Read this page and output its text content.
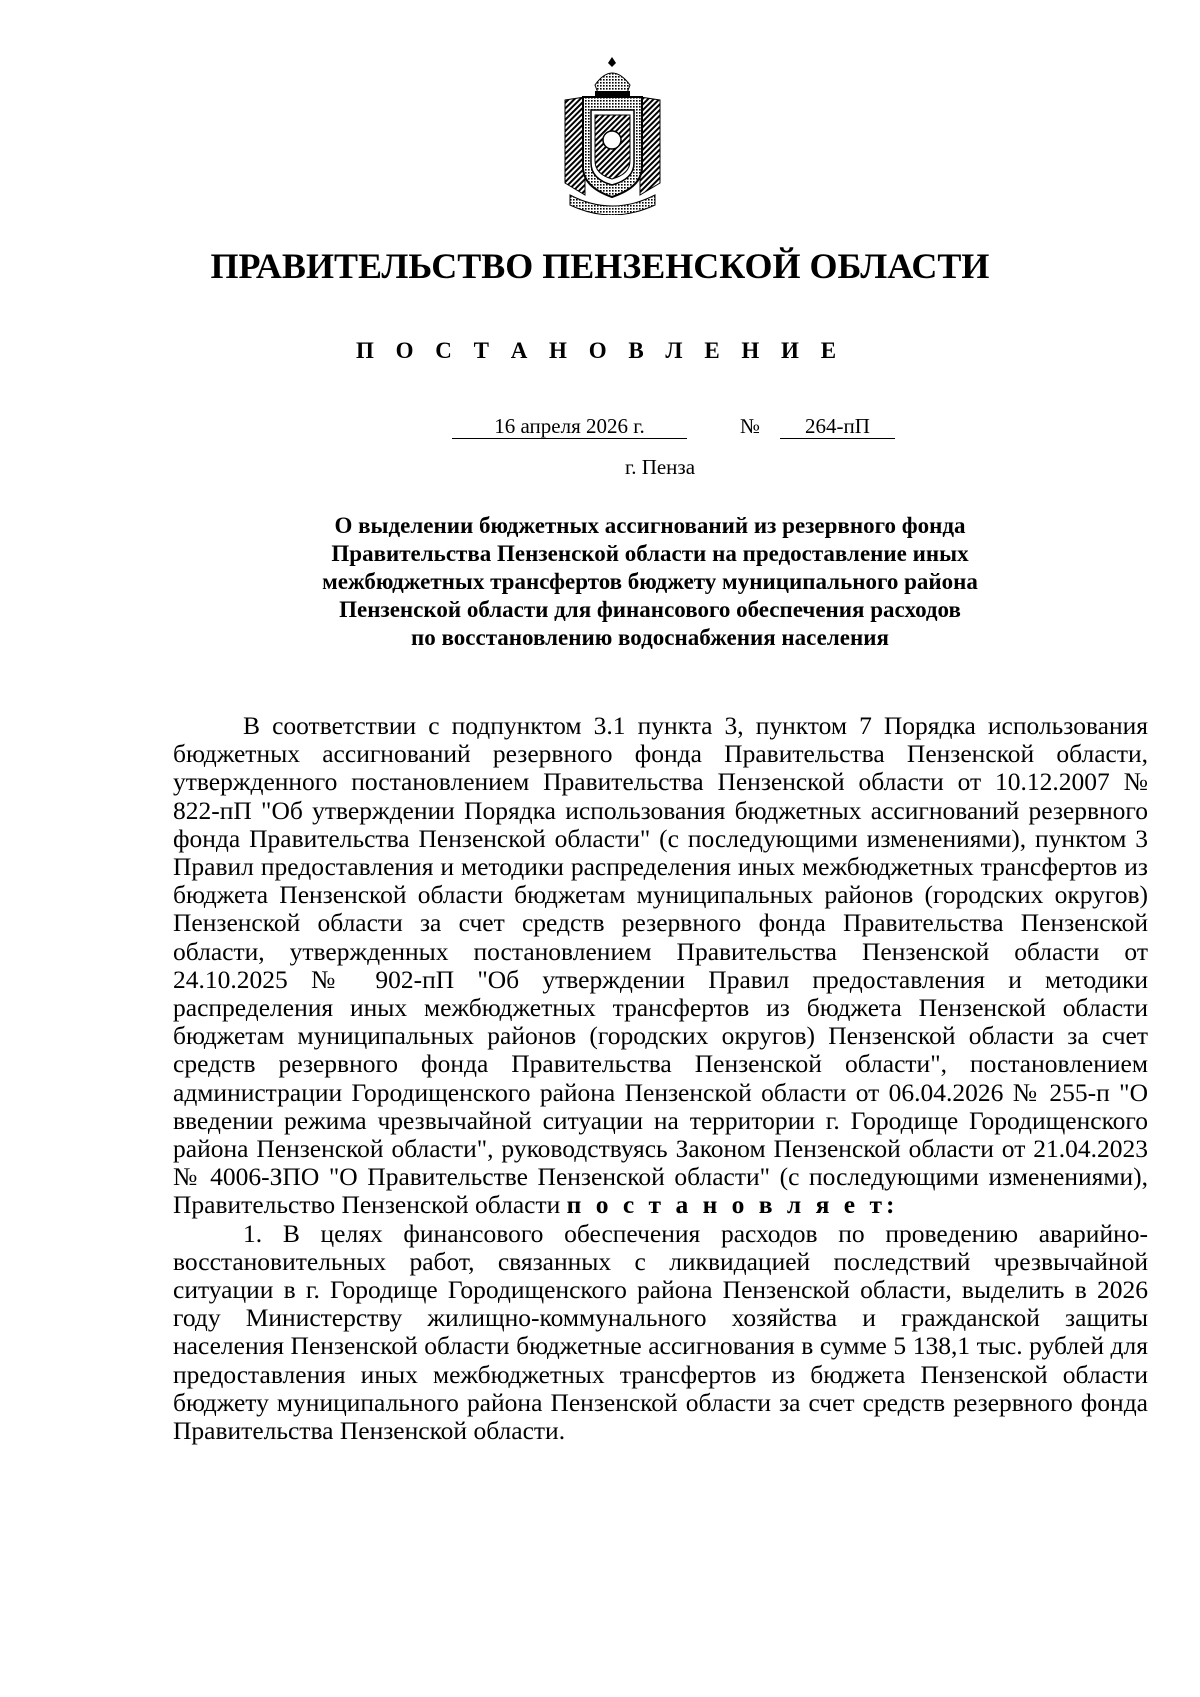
ПРАВИТЕЛЬСТВО ПЕНЗЕНСКОЙ ОБЛАСТИ
П О С Т А Н О В Л Е Н И Е
16 апреля 2026 г.	№	264-пП
г. Пенза
О выделении бюджетных ассигнований из резервного фонда
Правительства Пензенской области на предоставление иных
межбюджетных трансфертов бюджету муниципального района
Пензенской области для финансового обеспечения расходов
по восстановлению водоснабжения населения

В соответствии с подпунктом 3.1 пункта 3, пунктом 7 Порядка использования бюджетных ассигнований резервного фонда Правительства Пензенской области, утвержденного постановлением Правительства Пензенской области от 10.12.2007 № 822-пП "Об утверждении Порядка использования бюджетных ассигнований резервного фонда Правительства Пензенской области" (с последующими изменениями), пунктом 3 Правил предоставления и методики распределения иных межбюджетных трансфертов из бюджета Пензенской области бюджетам муниципальных районов (городских округов) Пензенской области за счет средств резервного фонда Правительства Пензенской области, утвержденных постановлением Правительства Пензенской области от 24.10.2025 № 902-пП "Об утверждении Правил предоставления и методики распределения иных межбюджетных трансфертов из бюджета Пензенской области бюджетам муниципальных районов (городских округов) Пензенской области за счет средств резервного фонда Правительства Пензенской области", постановлением администрации Городищенского района Пензенской области от 06.04.2026 № 255-п "О введении режима чрезвычайной ситуации на территории г. Городище Городищенского района Пензенской области", руководствуясь Законом Пензенской области от 21.04.2023 № 4006-ЗПО "О Правительстве Пензенской области" (с последующими изменениями), Правительство Пензенской области п о с т а н о в л я е т:

1. В целях финансового обеспечения расходов по проведению аварийно-восстановительных работ, связанных с ликвидацией последствий чрезвычайной ситуации в г. Городище Городищенского района Пензенской области, выделить в 2026 году Министерству жилищно-коммунального хозяйства и гражданской защиты населения Пензенской области бюджетные ассигнования в сумме 5 138,1 тыс. рублей для предоставления иных межбюджетных трансфертов из бюджета Пензенской области бюджету муниципального района Пензенской области за счет средств резервного фонда Правительства Пензенской области.
